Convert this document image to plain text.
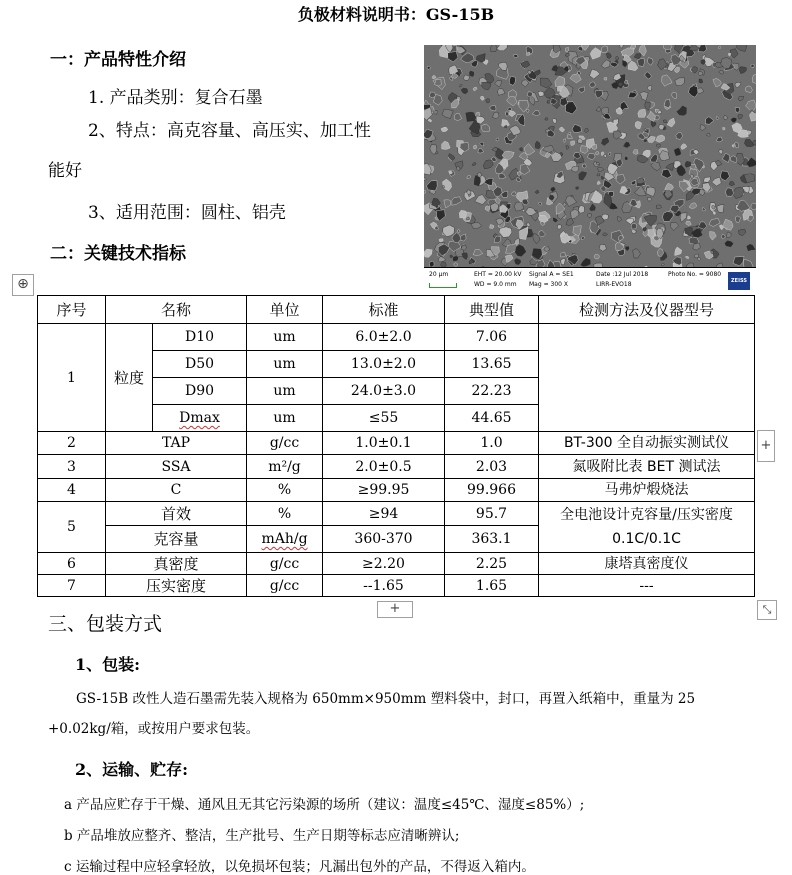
负极材料说明书：GS-15B
一：产品特性介绍
1. 产品类别：复合石墨
2、特点：高克容量、高压实、加工性
能好
3、适用范围：圆柱、铝壳
二：关键技术指标
20 μm	EHT = 20.00 kV
WD = 9.0 mm
Signal A = SE1
Mag = 300 X
Date :12 Jul 2018
LIRR-EVO18
Photo No. = 9080
ZEISS
⊕
序号	名称		单位	标准	典型值	检测方法及仪器型号
1	粒度	D10	um	6.0±2.0	7.06	
		D50	um	13.0±2.0	13.65	
		D90	um	24.0±3.0	22.23	
		Dmax	um	≤55	44.65	
2	TAP		g/cc	1.0±0.1	1.0	BT-300 全自动振实测试仪
3	SSA		m²/g	2.0±0.5	2.03	氮吸附比表 BET 测试法
4	C		%	≥99.95	99.966	马弗炉煅烧法
5	首效		%	≥94	95.7	全电池设计克容量/压实密度
0.1C/0.1C

	克容量		mAh/g	360-370	363.1	
6	真密度		g/cc	≥2.20	2.25	康塔真密度仪
7	压实密度		g/cc	--1.65	1.65	---
+
+	⤡
三、包装方式
1、包装:
GS-15B 改性人造石墨需先装入规格为 650mm×950mm 塑料袋中，封口，再置入纸箱中，重量为 25
+0.02kg/箱，或按用户要求包装。
2、运输、贮存:
a 产品应贮存于干燥、通风且无其它污染源的场所（建议：温度≤45℃、湿度≤85%）;
b 产品堆放应整齐、整洁，生产批号、生产日期等标志应清晰辨认;
c 运输过程中应轻拿轻放，以免损坏包装；凡漏出包外的产品，不得返入箱内。
